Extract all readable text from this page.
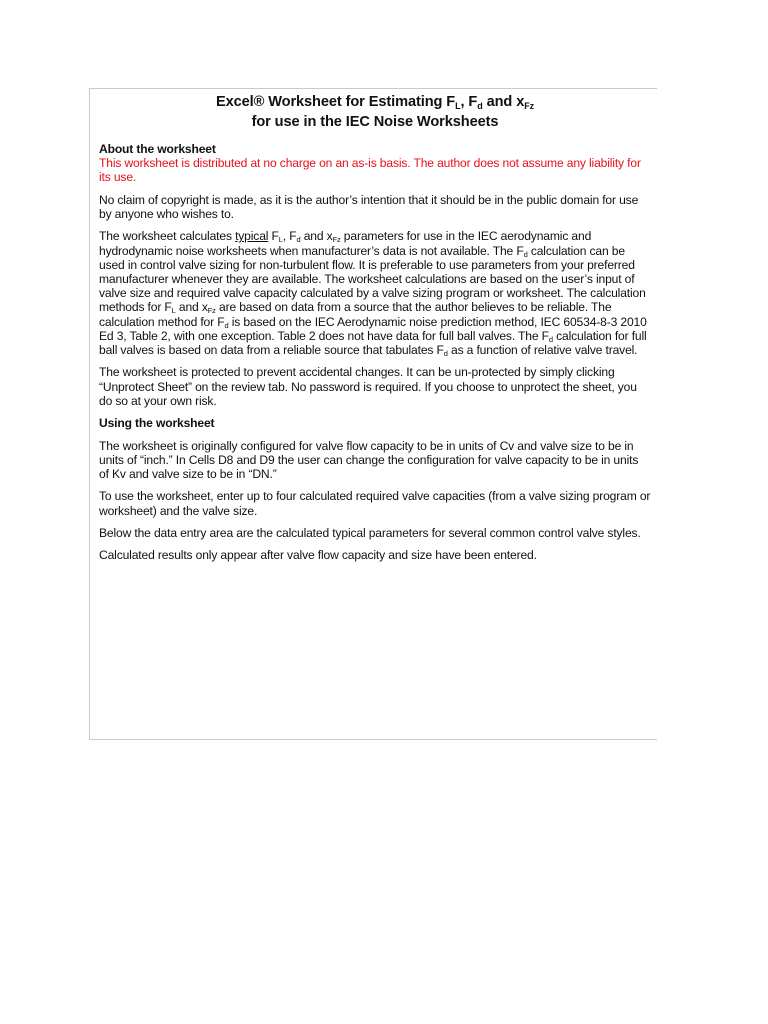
Excel® Worksheet for Estimating $F_L$, $F_d$ and $x_{Fz}$
for use in the IEC Noise Worksheets

About the worksheet

This worksheet is distributed at no charge on an as-is basis. The author does not assume any liability for its use.

No claim of copyright is made, as it is the author’s intention that it should be in the public domain for use by anyone who wishes to.

The worksheet calculates typical $F_L$, $F_d$ and $x_{Fz}$ parameters for use in the IEC aerodynamic and hydrodynamic noise worksheets when manufacturer’s data is not available. The $F_d$ calculation can be used in control valve sizing for non-turbulent flow. It is preferable to use parameters from your preferred manufacturer whenever they are available. The worksheet calculations are based on the user’s input of valve size and required valve capacity calculated by a valve sizing program or worksheet. The calculation methods for $F_L$ and $x_{Fz}$ are based on data from a source that the author believes to be reliable. The calculation method for $F_d$ is based on the IEC Aerodynamic noise prediction method, IEC 60534-8-3 2010 Ed 3, Table 2, with one exception. Table 2 does not have data for full ball valves. The $F_d$ calculation for full ball valves is based on data from a reliable source that tabulates $F_d$ as a function of relative valve travel.

The worksheet is protected to prevent accidental changes. It can be un-protected by simply clicking “Unprotect Sheet” on the review tab. No password is required. If you choose to unprotect the sheet, you do so at your own risk.

Using the worksheet

The worksheet is originally configured for valve flow capacity to be in units of Cv and valve size to be in units of “inch.” In Cells D8 and D9 the user can change the configuration for valve capacity to be in units of Kv and valve size to be in “DN.”

To use the worksheet, enter up to four calculated required valve capacities (from a valve sizing program or worksheet) and the valve size.

Below the data entry area are the calculated typical parameters for several common control valve styles.

Calculated results only appear after valve flow capacity and size have been entered.
